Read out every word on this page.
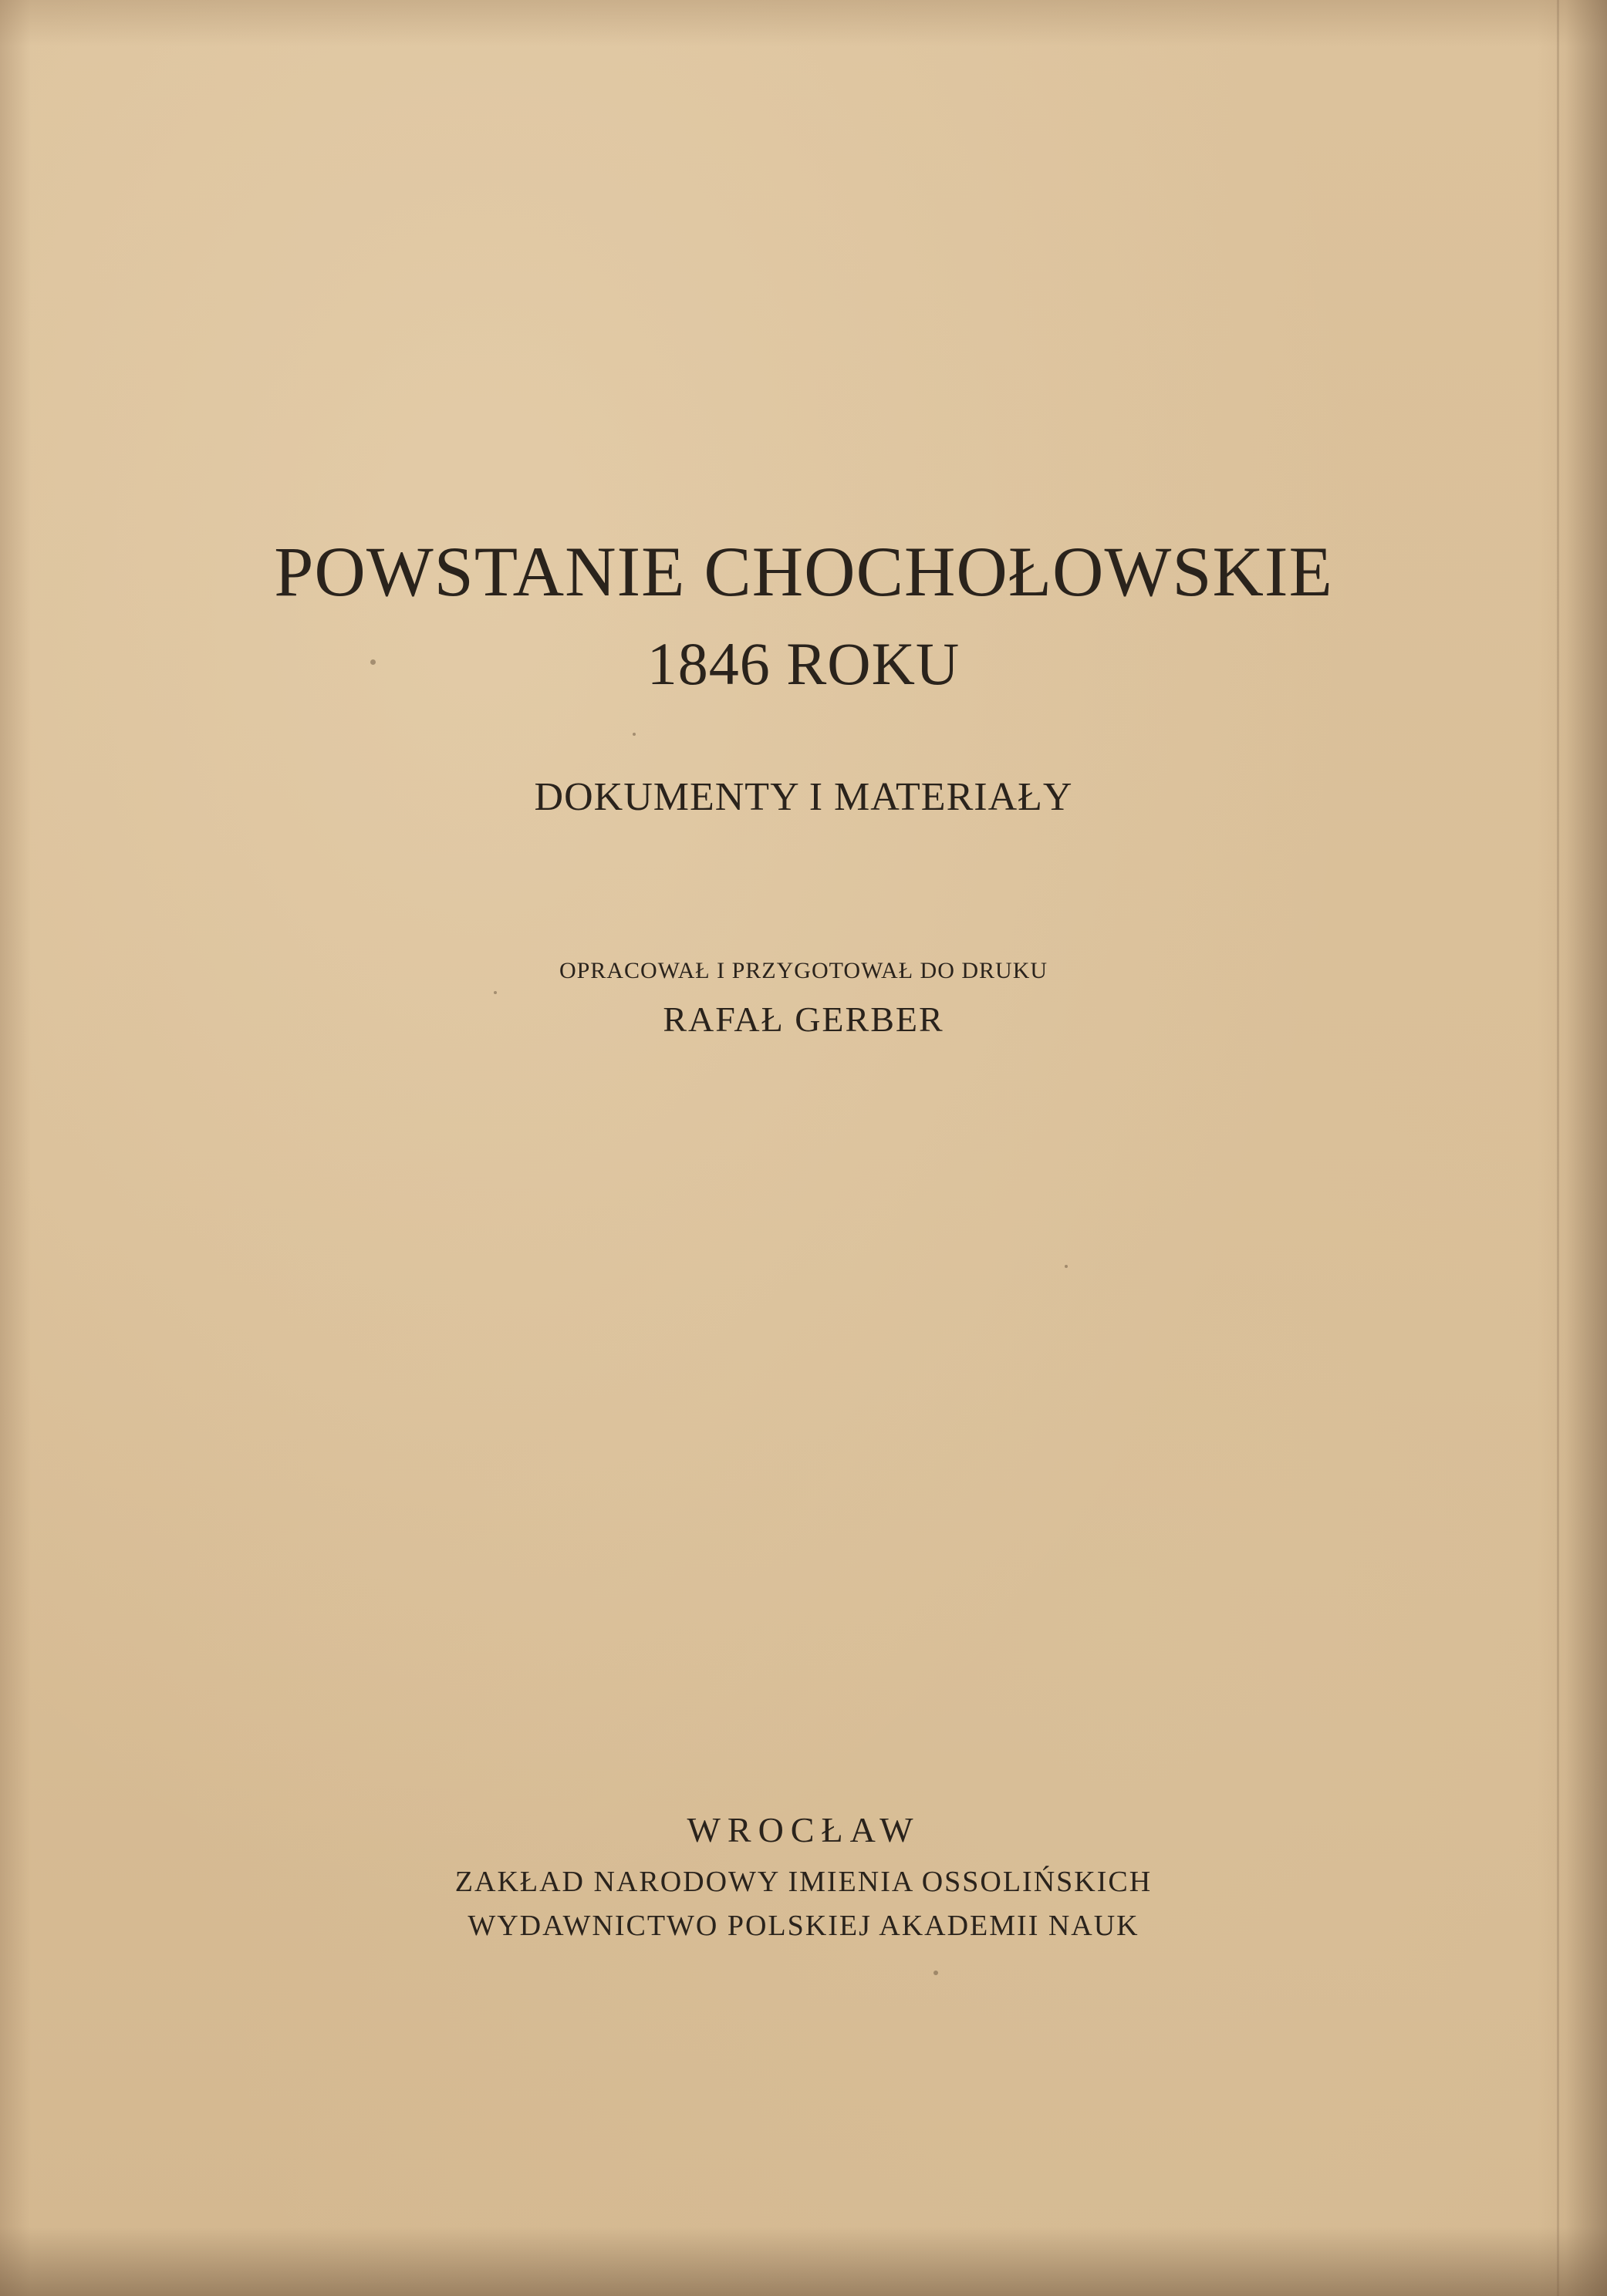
POWSTANIE CHOCHOŁOWSKIE
1846 ROKU
DOKUMENTY I MATERIAŁY
OPRACOWAŁ I PRZYGOTOWAŁ DO DRUKU
RAFAŁ GERBER
WROCŁAW
ZAKŁAD NARODOWY IMIENIA OSSOLIŃSKICH
WYDAWNICTWO POLSKIEJ AKADEMII NAUK
